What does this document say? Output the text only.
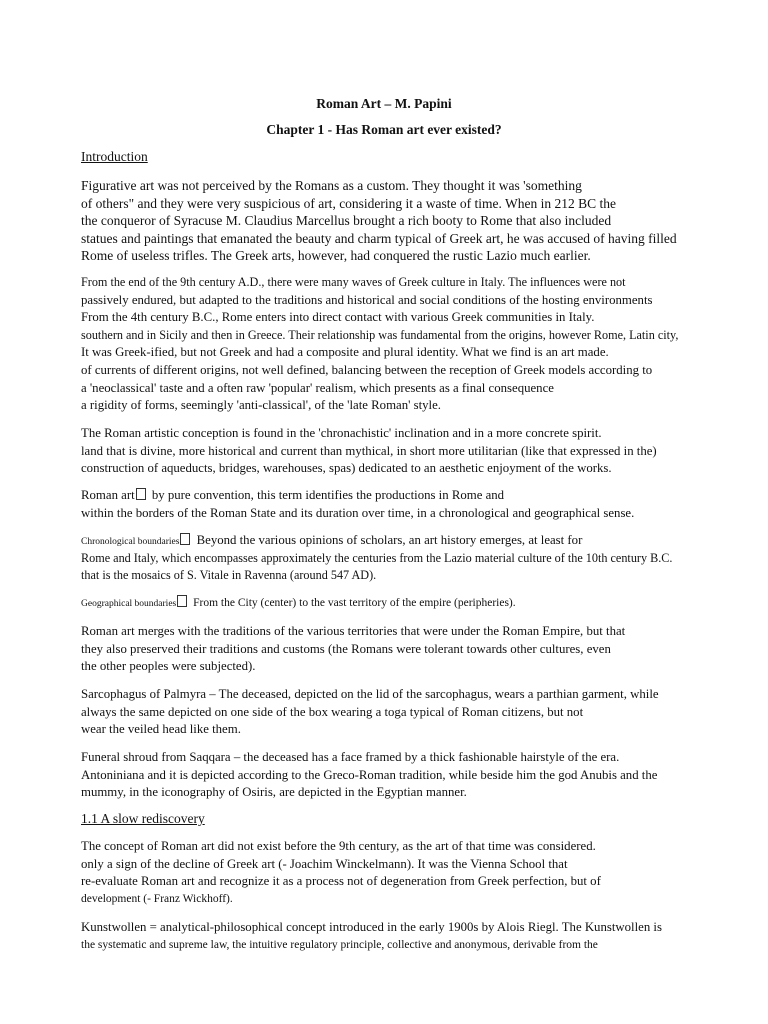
Roman Art – M. Papini
Chapter 1 - Has Roman art ever existed?
Introduction
Figurative art was not perceived by the Romans as a custom. They thought it was 'something
of others" and they were very suspicious of art, considering it a waste of time. When in 212 BC the
the conqueror of Syracuse M. Claudius Marcellus brought a rich booty to Rome that also included
statues and paintings that emanated the beauty and charm typical of Greek art, he was accused of having filled
Rome of useless trifles. The Greek arts, however, had conquered the rustic Lazio much earlier.
From the end of the 9th century A.D., there were many waves of Greek culture in Italy. The influences were not
passively endured, but adapted to the traditions and historical and social conditions of the hosting environments
From the 4th century B.C., Rome enters into direct contact with various Greek communities in Italy.
southern and in Sicily and then in Greece. Their relationship was fundamental from the origins, however Rome, Latin city,
It was Greek-ified, but not Greek and had a composite and plural identity. What we find is an art made.
of currents of different origins, not well defined, balancing between the reception of Greek models according to
a 'neoclassical' taste and a often raw 'popular' realism, which presents as a final consequence
a rigidity of forms, seemingly 'anti-classical', of the 'late Roman' style.
The Roman artistic conception is found in the 'chronachistic' inclination and in a more concrete spirit.
land that is divine, more historical and current than mythical, in short more utilitarian (like that expressed in the)
construction of aqueducts, bridges, warehouses, spas) dedicated to an aesthetic enjoyment of the works.
Roman art by pure convention, this term identifies the productions in Rome and
within the borders of the Roman State and its duration over time, in a chronological and geographical sense.
Chronological boundaries Beyond the various opinions of scholars, an art history emerges, at least for
Rome and Italy, which encompasses approximately the centuries from the Lazio material culture of the 10th century B.C.
that is the mosaics of S. Vitale in Ravenna (around 547 AD).
Geographical boundaries From the City (center) to the vast territory of the empire (peripheries).
Roman art merges with the traditions of the various territories that were under the Roman Empire, but that
they also preserved their traditions and customs (the Romans were tolerant towards other cultures, even
the other peoples were subjected).
Sarcophagus of Palmyra – The deceased, depicted on the lid of the sarcophagus, wears a parthian garment, while
always the same depicted on one side of the box wearing a toga typical of Roman citizens, but not
wear the veiled head like them.
Funeral shroud from Saqqara – the deceased has a face framed by a thick fashionable hairstyle of the era.
Antoniniana and it is depicted according to the Greco-Roman tradition, while beside him the god Anubis and the
mummy, in the iconography of Osiris, are depicted in the Egyptian manner.
1.1 A slow rediscovery
The concept of Roman art did not exist before the 9th century, as the art of that time was considered.
only a sign of the decline of Greek art (- Joachim Winckelmann). It was the Vienna School that
re-evaluate Roman art and recognize it as a process not of degeneration from Greek perfection, but of
development (- Franz Wickhoff).
Kunstwollen = analytical-philosophical concept introduced in the early 1900s by Alois Riegl. The Kunstwollen is
the systematic and supreme law, the intuitive regulatory principle, collective and anonymous, derivable from the
